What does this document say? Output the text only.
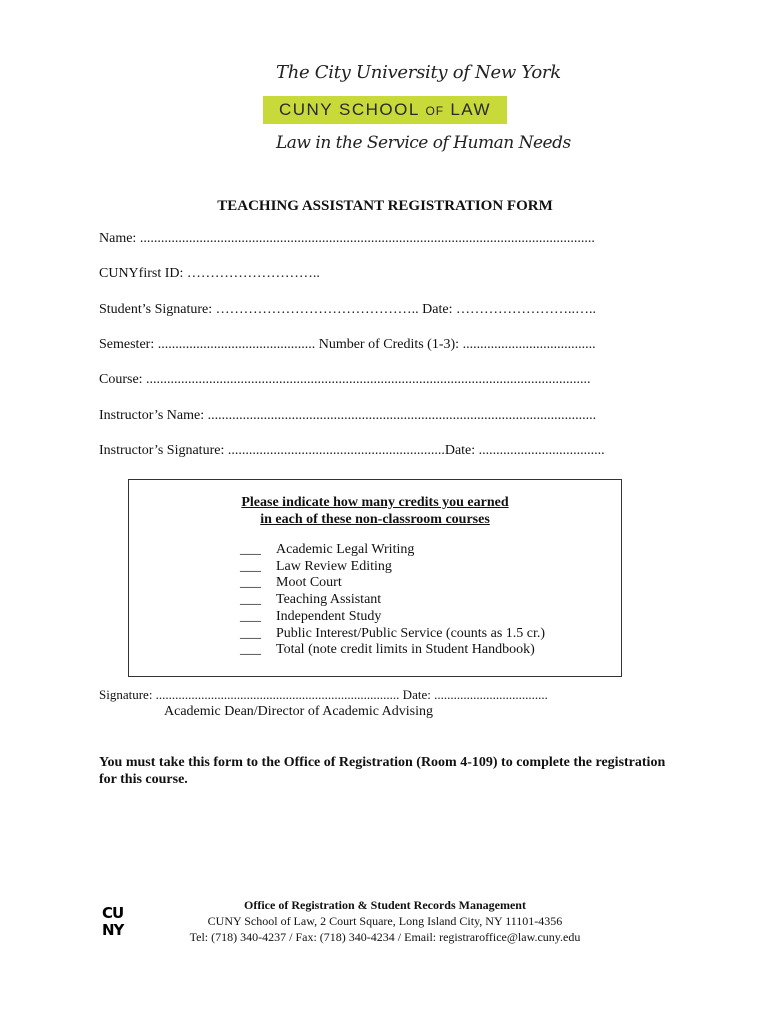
The City University of New York
CUNY SCHOOL OF LAW
Law in the Service of Human Needs
TEACHING ASSISTANT REGISTRATION FORM
Name: ..................................................................................................................................
CUNYfirst ID: ………………………..
Student’s Signature: …………………………………….. Date: ……………………..…..
Semester: ............................................. Number of Credits (1-3): ......................................
Course: ...............................................................................................................................
Instructor’s Name: ...............................................................................................................
Instructor’s Signature: ..............................................................Date: ....................................
Please indicate how many credits you earned
in each of these non-classroom courses
___	Academic Legal Writing
___	Law Review Editing
___	Moot Court
___	Teaching Assistant
___	Independent Study
___	Public Interest/Public Service (counts as 1.5 cr.)
___	Total (note credit limits in Student Handbook)
Signature: ........................................................................... Date: ...................................
Academic Dean/Director of Academic Advising
You must take this form to the Office of Registration (Room 4-109) to complete the registration for this course.
CU
NY
Office of Registration & Student Records Management
CUNY School of Law, 2 Court Square, Long Island City, NY 11101-4356
Tel: (718) 340-4237 / Fax: (718) 340-4234 / Email: registraroffice@law.cuny.edu
